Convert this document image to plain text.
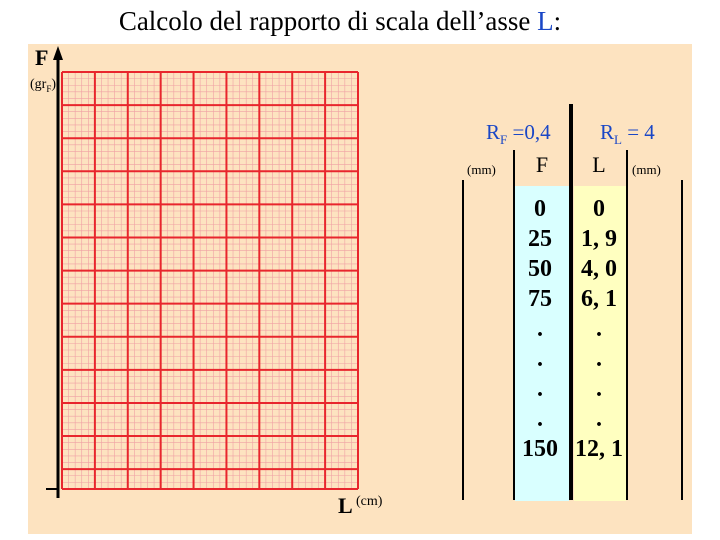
Calcolo del rapporto di scala dell’asse L:
F
$(gr_F)$
L (cm)
$R_F =0,4$ $R_L = 4$
(mm)	(mm)
F	L
0
25
50
75
.
.
.
.
150
0
1, 9
4, 0
6, 1
.
.
.
.
12, 1
